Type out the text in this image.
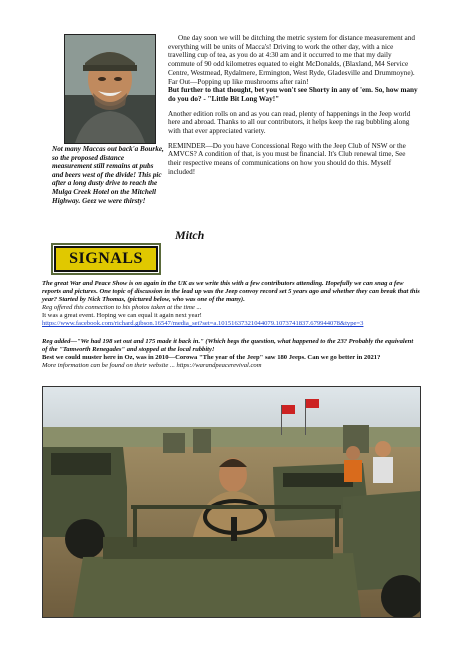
Not many Maccas out back'a Bourke, so the proposed distance measurement still remains at pubs and beers west of the divide! This pic after a long dusty drive to reach the Mulga Creek Hotel on the Mitchell Highway. Geez we were thirsty!

One day soon we will be ditching the metric system for distance measurement and everything will be units of Macca's! Driving to work the other day, with a nice travelling cup of tea, as you do at 4:30 am and it occurred to me that my daily commute of 90 odd kilometres equated to eight McDonalds, (Blaxland, M4 Service Centre, Westmead, Rydalmere, Ermington, West Ryde, Gladesville and Drummoyne).

Far Out—Popping up like mushrooms after rain!

But further to that thought, bet you won't see Shorty in any of 'em. So, how many do you do? - "Little Bit Long Way!"

Another edition rolls on and as you can read, plenty of happenings in the Jeep world here and abroad. Thanks to all our contributors, it helps keep the rag bubbling along with that ever appreciated variety.

REMINDER—Do you have Concessional Rego with the Jeep Club of NSW or the AMVCS? A condition of that, is you must be financial. It's Club renewal time, See their respective means of communications on how you should do this. Myself included!

Mitch
SIGNALS

The great War and Peace Show is on again in the UK as we write this with a few contributors attending. Hopefully we can snag a few reports and pictures. One topic of discussion in the lead up was the Jeep convoy record set 5 years ago and whether they can break that this year? Started by Nick Thomas, (pictured below, who was one of the many).

Reg offered this connection to his photos taken at the time ...

It was a great event. Hoping we can equal it again next year!

https://www.facebook.com/richard.gibson.16547/media_set?set=a.10151637321044079.1073741837.679944078&type=3

Reg added—"We had 198 set out and 175 made it back in." (Which begs the question, what happened to the 23? Probably the equivalent of the "Tamworth Renegades" and stopped at the local rubbity!

Best we could muster here in Oz, was in 2010—Corowa "The year of the Jeep" saw 180 Jeeps. Can we go better in 2021?

More information can be found on their website ... https://warandpeacerevival.com
